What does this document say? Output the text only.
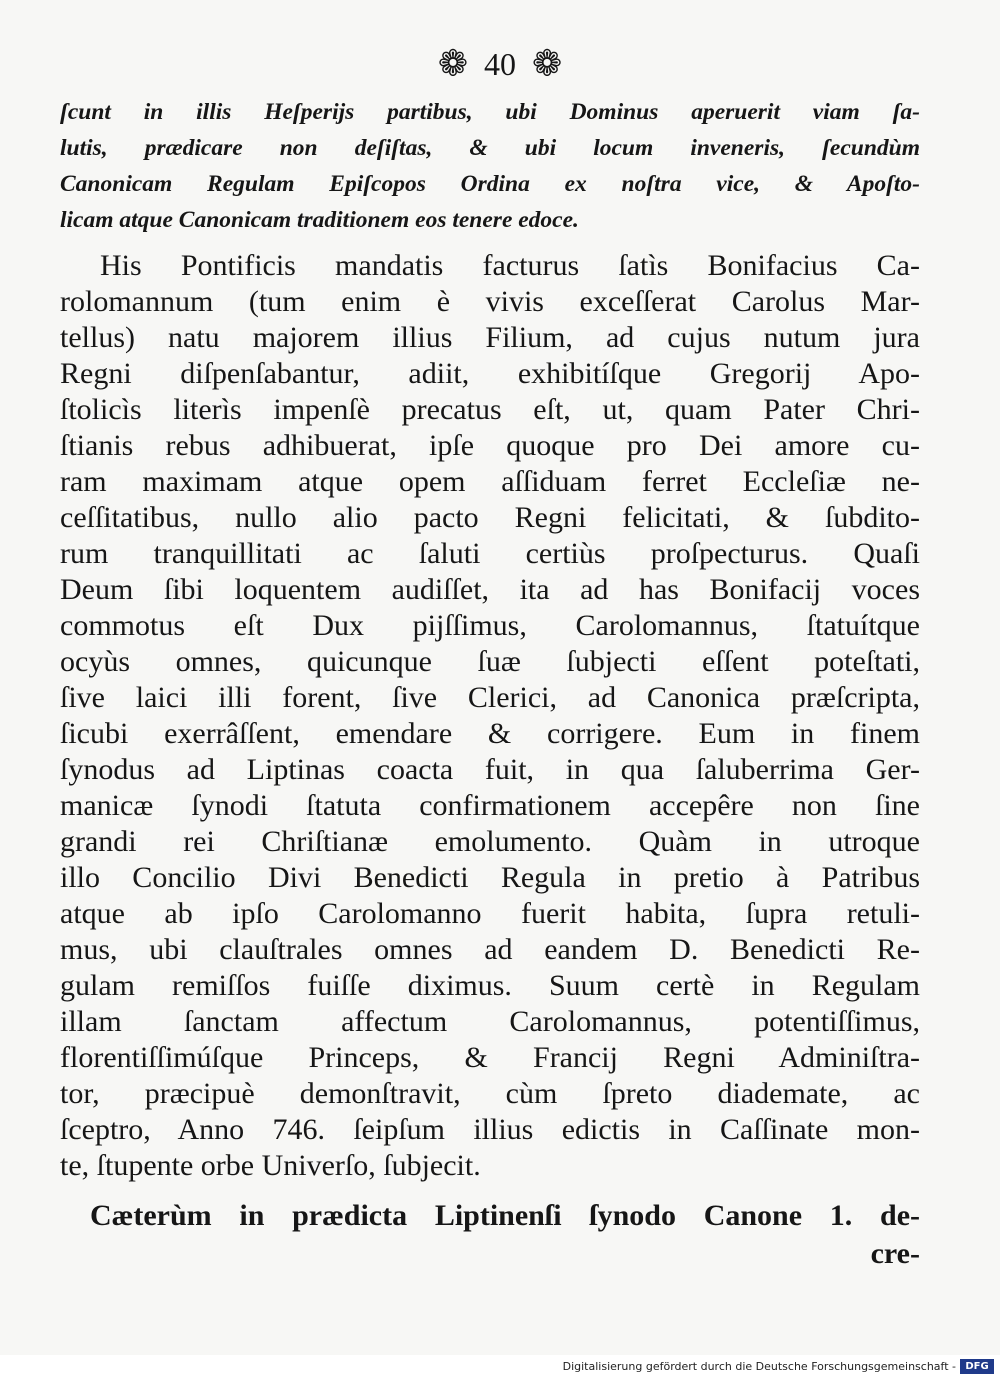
❁ 40 ❁
ſcunt in illis Heſperijs partibus, ubi Dominus aperuerit viam ſa-
lutis, prædicare non deſiſtas, & ubi locum inveneris, ſecundùm
Canonicam Regulam Epiſcopos Ordina ex noſtra vice, & Apoſto-
licam atque Canonicam traditionem eos tenere edoce.
His Pontificis mandatis facturus ſatìs Bonifacius Ca-
rolomannum (tum enim è vivis exceſſerat Carolus Mar-
tellus) natu majorem illius Filium, ad cujus nutum jura
Regni diſpenſabantur, adiit, exhibitíſque Gregorij Apo-
ſtolicìs literìs impenſè precatus eſt, ut, quam Pater Chri-
ſtianis rebus adhibuerat, ipſe quoque pro Dei amore cu-
ram maximam atque opem aſſiduam ferret Eccleſiæ ne-
ceſſitatibus, nullo alio pacto Regni felicitati, & ſubdito-
rum tranquillitati ac ſaluti certiùs proſpecturus. Quaſi
Deum ſibi loquentem audiſſet, ita ad has Bonifacij voces
commotus eſt Dux pijſſimus, Carolomannus, ſtatuítque
ocyùs omnes, quicunque ſuæ ſubjecti eſſent poteſtati,
ſive laici illi forent, ſive Clerici, ad Canonica præſcripta,
ſicubi exerrâſſent, emendare & corrigere. Eum in finem
ſynodus ad Liptinas coacta fuit, in qua ſaluberrima Ger-
manicæ ſynodi ſtatuta confirmationem accepêre non ſine
grandi rei Chriſtianæ emolumento. Quàm in utroque
illo Concilio Divi Benedicti Regula in pretio à Patribus
atque ab ipſo Carolomanno fuerit habita, ſupra retuli-
mus, ubi clauſtrales omnes ad eandem D. Benedicti Re-
gulam remiſſos fuiſſe diximus. Suum certè in Regulam
illam ſanctam affectum Carolomannus, potentiſſimus,
florentiſſimúſque Princeps, & Francij Regni Adminiſtra-
tor, præcipuè demonſtravit, cùm ſpreto diademate, ac
ſceptro, Anno 746. ſeipſum illius edictis in Caſſinate mon-
te, ſtupente orbe Univerſo, ſubjecit.
Cæterùm in prædicta Liptinenſi ſynodo Canone 1. de-
cre-
Digitalisierung gefördert durch die Deutsche Forschungsgemeinschaft - DFG
